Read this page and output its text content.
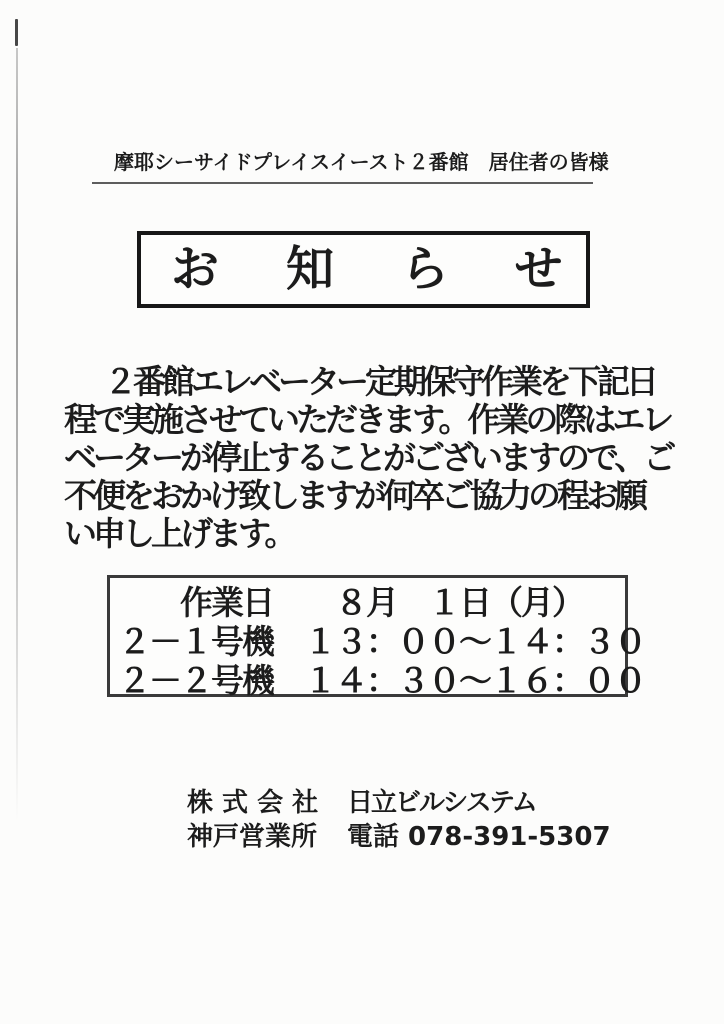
摩耶シーサイドプレイスイースト２番館　居住者の皆様
お知らせ
２番館エレベーター定期保守作業を下記日
程で実施させていただきます。作業の際はエレ
ベーターが停止することがございますので、ご
不便をおかけ致しますが何卒ご協力の程お願
い申し上げます。
　　作業日　　８月　１日（月）
２－１号機　１３：００～１４：３０
２－２号機　１４：３０～１６：００
株 式 会 社	日立ビルシステム
神戸営業所	電話 078-391-5307
